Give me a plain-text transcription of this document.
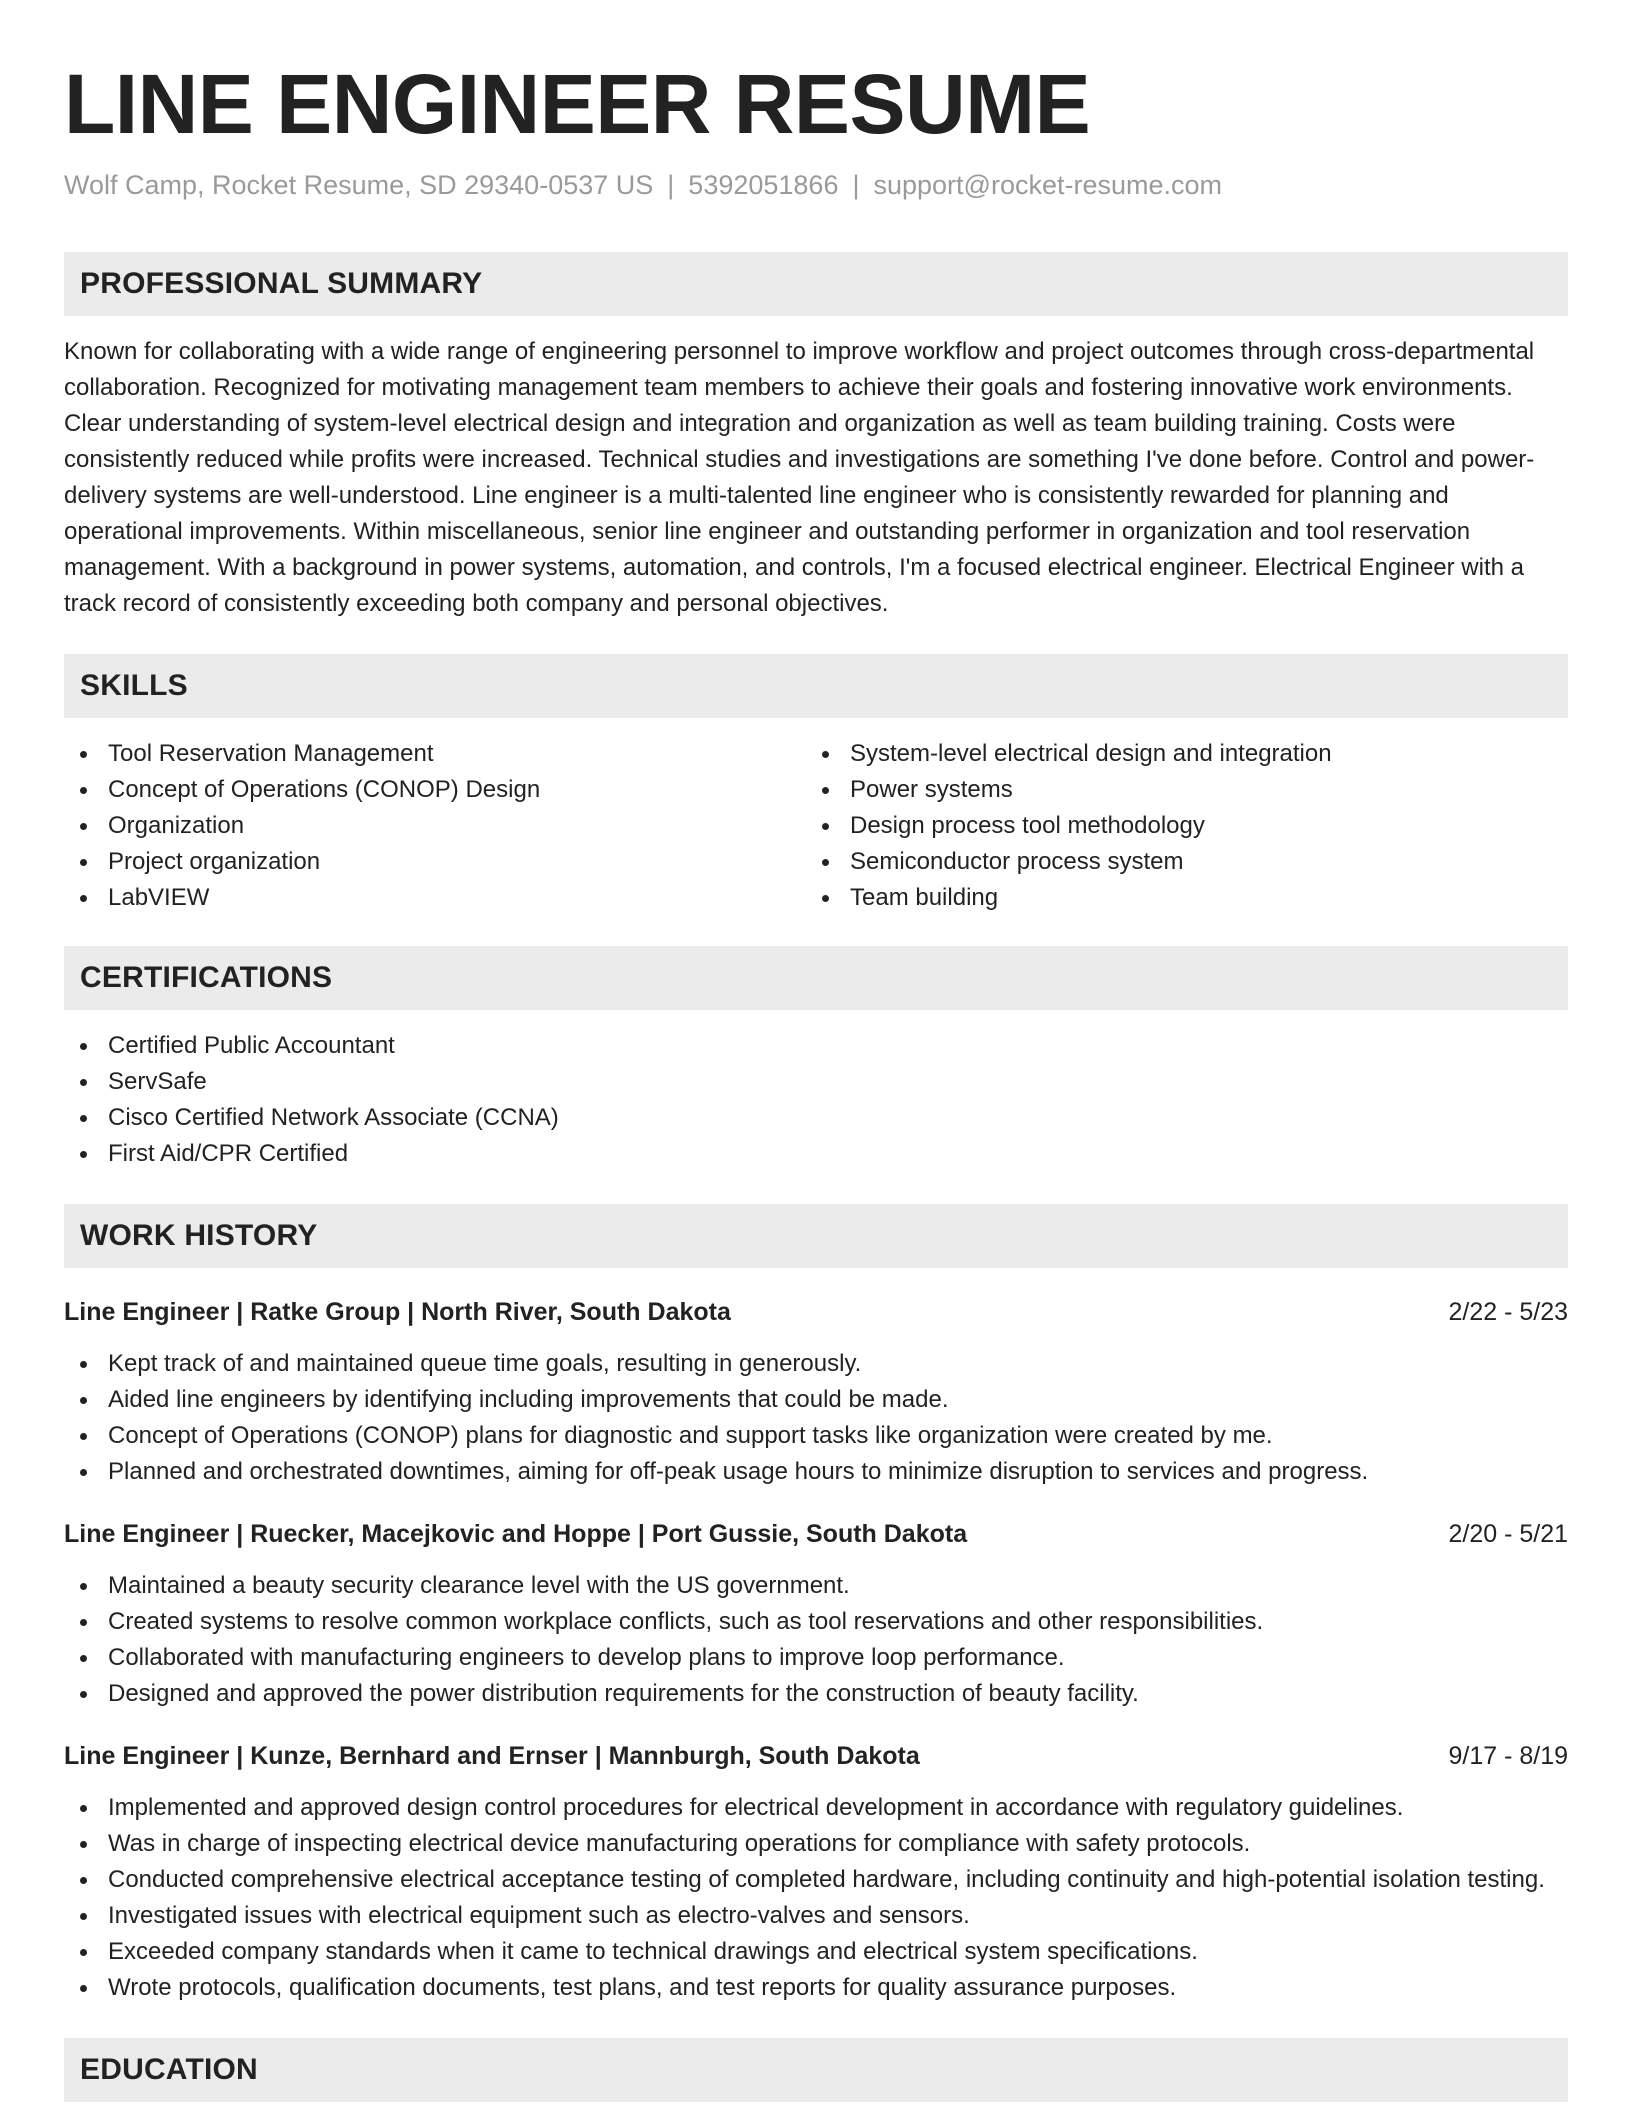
LINE ENGINEER RESUME
Wolf Camp, Rocket Resume, SD 29340-0537 US | 5392051866 | support@rocket-resume.com
PROFESSIONAL SUMMARY

Known for collaborating with a wide range of engineering personnel to improve workflow and project outcomes through cross-departmental collaboration. Recognized for motivating management team members to achieve their goals and fostering innovative work environments. Clear understanding of system-level electrical design and integration and organization as well as team building training. Costs were consistently reduced while profits were increased. Technical studies and investigations are something I've done before. Control and power-delivery systems are well-understood. Line engineer is a multi-talented line engineer who is consistently rewarded for planning and operational improvements. Within miscellaneous, senior line engineer and outstanding performer in organization and tool reservation management. With a background in power systems, automation, and controls, I'm a focused electrical engineer. Electrical Engineer with a track record of consistently exceeding both company and personal objectives.

SKILLS
Tool Reservation Management
Concept of Operations (CONOP) Design
Organization
Project organization
LabVIEW
System-level electrical design and integration
Power systems
Design process tool methodology
Semiconductor process system
Team building
CERTIFICATIONS
Certified Public Accountant
ServSafe
Cisco Certified Network Associate (CCNA)
First Aid/CPR Certified
WORK HISTORY
Line Engineer | Ratke Group | North River, South Dakota	2/22 - 5/23
Kept track of and maintained queue time goals, resulting in generously.
Aided line engineers by identifying including improvements that could be made.
Concept of Operations (CONOP) plans for diagnostic and support tasks like organization were created by me.
Planned and orchestrated downtimes, aiming for off-peak usage hours to minimize disruption to services and progress.
Line Engineer | Ruecker, Macejkovic and Hoppe | Port Gussie, South Dakota	2/20 - 5/21
Maintained a beauty security clearance level with the US government.
Created systems to resolve common workplace conflicts, such as tool reservations and other responsibilities.
Collaborated with manufacturing engineers to develop plans to improve loop performance.
Designed and approved the power distribution requirements for the construction of beauty facility.
Line Engineer | Kunze, Bernhard and Ernser | Mannburgh, South Dakota	9/17 - 8/19
Implemented and approved design control procedures for electrical development in accordance with regulatory guidelines.
Was in charge of inspecting electrical device manufacturing operations for compliance with safety protocols.
Conducted comprehensive electrical acceptance testing of completed hardware, including continuity and high-potential isolation testing.
Investigated issues with electrical equipment such as electro-valves and sensors.
Exceeded company standards when it came to technical drawings and electrical system specifications.
Wrote protocols, qualification documents, test plans, and test reports for quality assurance purposes.
EDUCATION
